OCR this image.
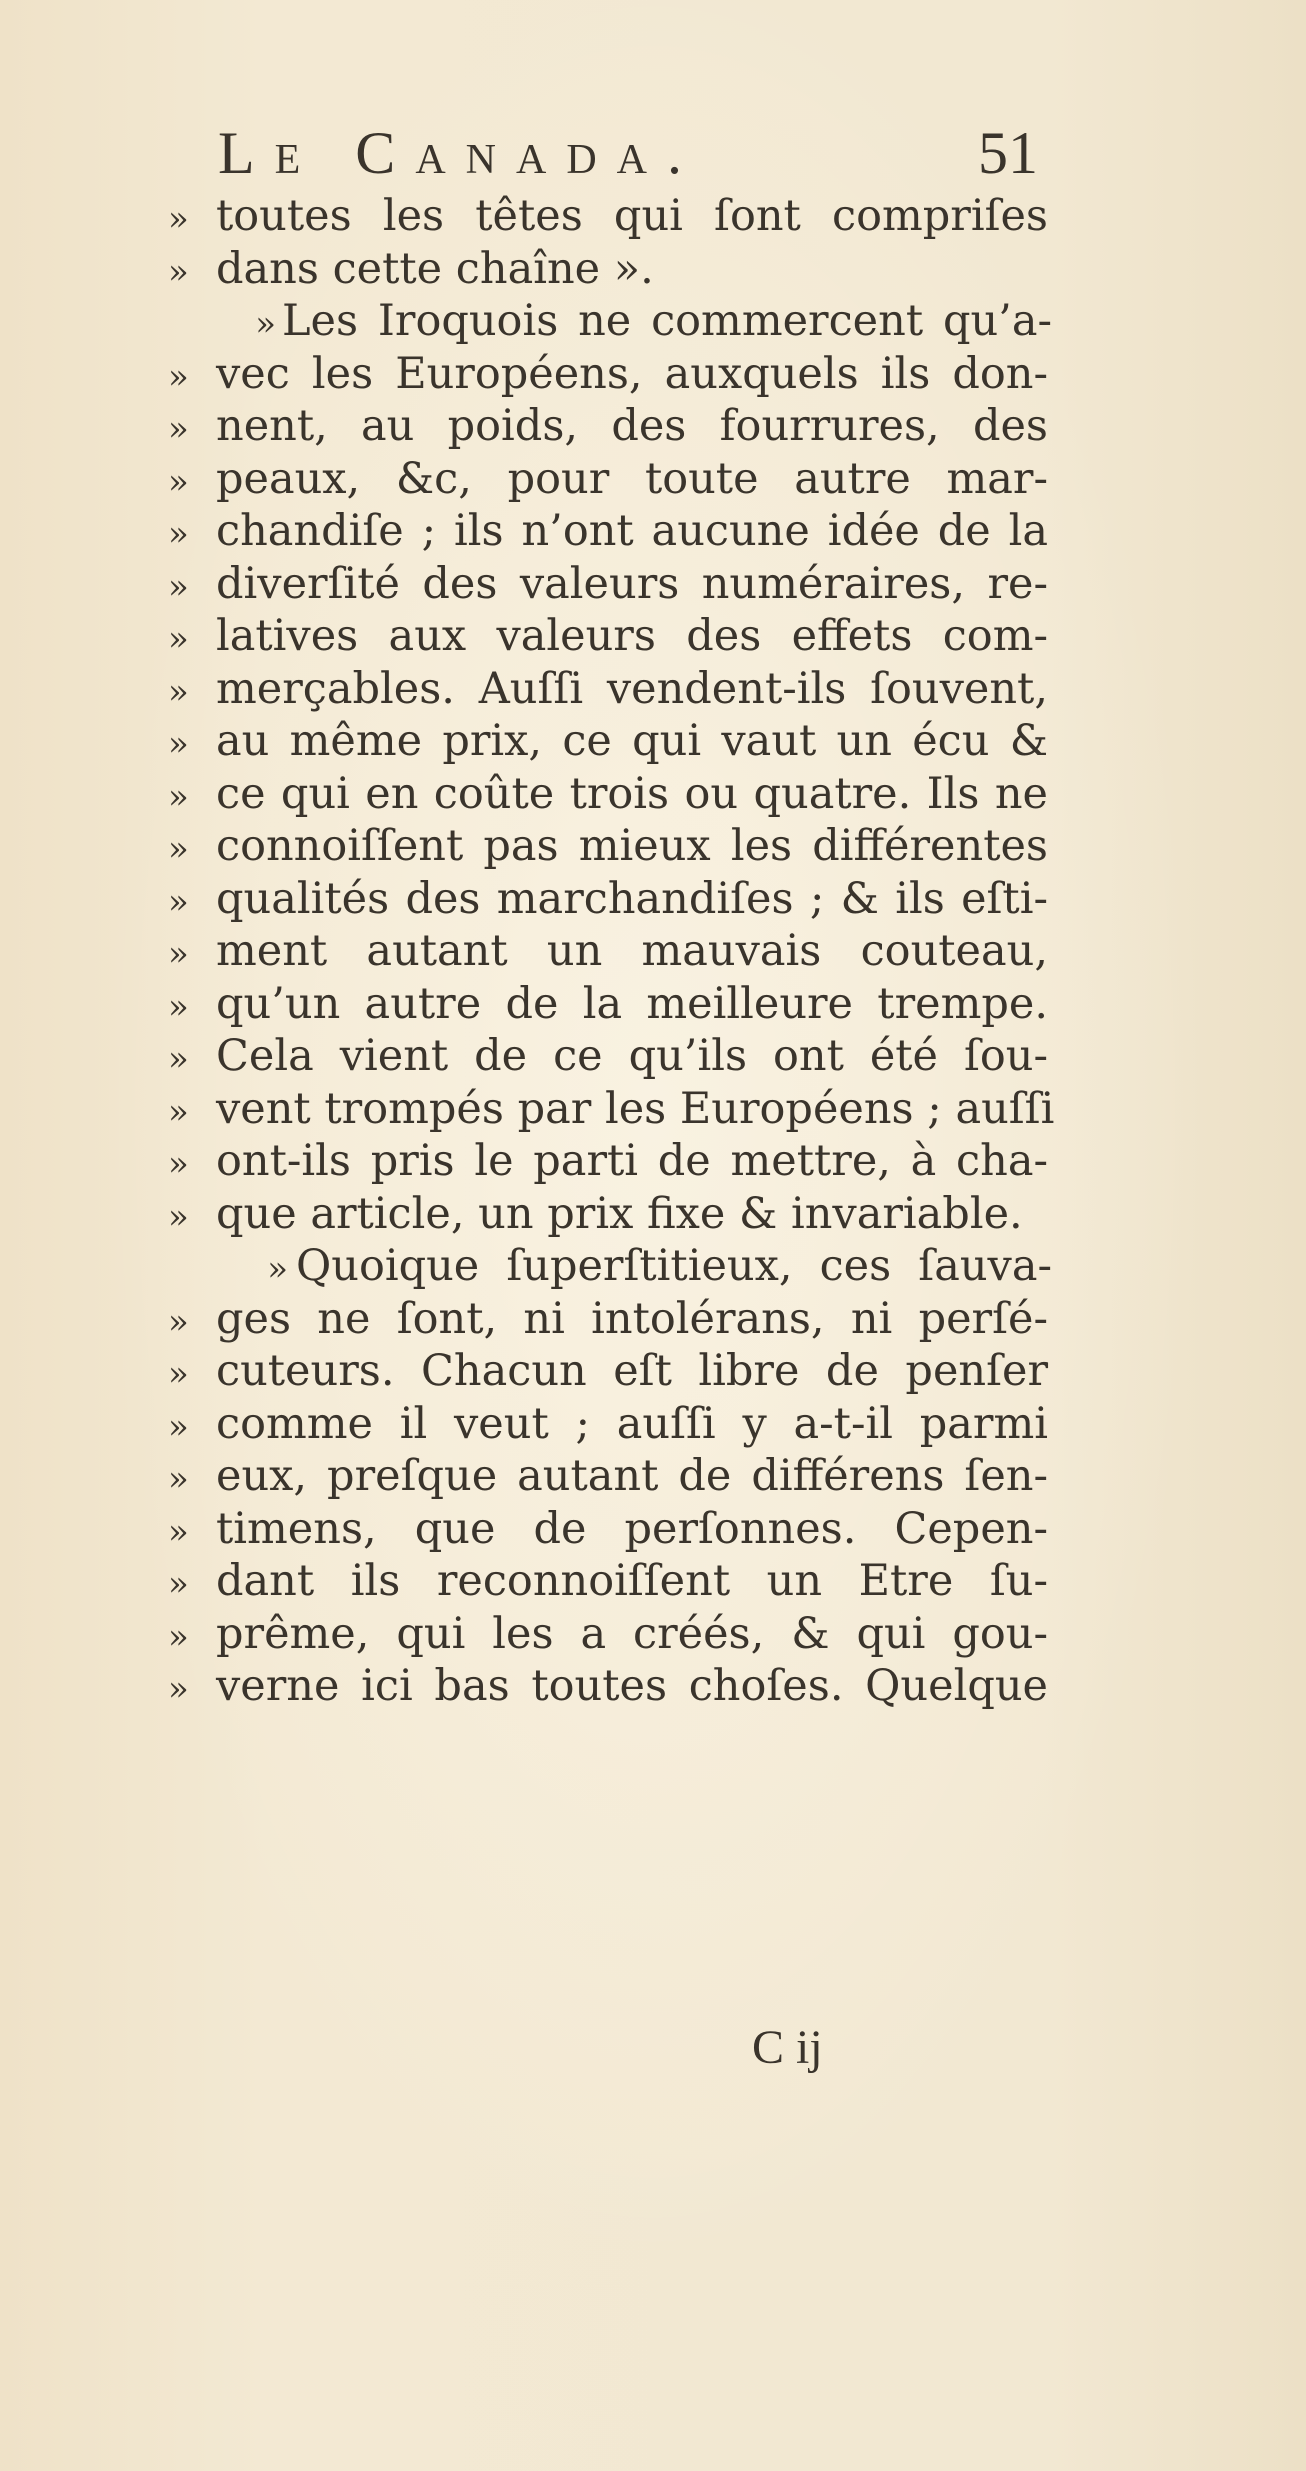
Le Canada.	51
» toutes les têtes qui ſont compriſes
» dans cette chaîne ».
» Les Iroquois ne commercent qu’a-
» vec les Européens, auxquels ils don-
» nent, au poids, des fourrures, des
» peaux, &c, pour toute autre mar-
» chandiſe ; ils n’ont aucune idée de la
» diverſité des valeurs numéraires, re-
» latives aux valeurs des effets com-
» merçables. Auſſi vendent-ils ſouvent,
» au même prix, ce qui vaut un écu &
» ce qui en coûte trois ou quatre. Ils ne
» connoiſſent pas mieux les différentes
» qualités des marchandiſes ; & ils eſti-
» ment autant un mauvais couteau,
» qu’un autre de la meilleure trempe.
» Cela vient de ce qu’ils ont été ſou-
» vent trompés par les Européens ; auſſi
» ont-ils pris le parti de mettre, à cha-
» que article, un prix fixe & invariable.
» Quoique ſuperſtitieux, ces ſauva-
» ges ne ſont, ni intolérans, ni perſé-
» cuteurs. Chacun eſt libre de penſer
» comme il veut ; auſſi y a-t-il parmi
» eux, preſque autant de différens ſen-
» timens, que de perſonnes. Cepen-
» dant ils reconnoiſſent un Etre ſu-
» prême, qui les a créés, & qui gou-
» verne ici bas toutes choſes. Quelque
C ij
